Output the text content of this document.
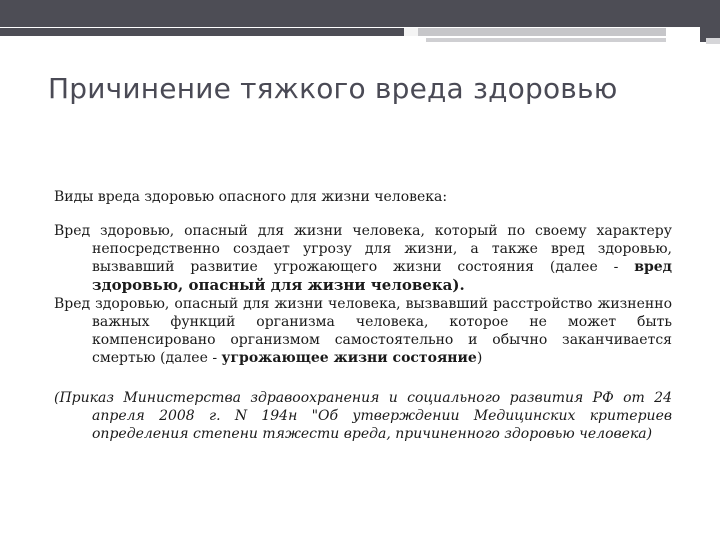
Причинение тяжкого вреда здоровью

Виды вреда здоровью опасного для жизни человека:

Вред здоровью, опасный для жизни человека, который по своему характеру непосредственно создает угрозу для жизни, а также вред здоровью, вызвавший развитие угрожающего жизни состояния (далее - вред здоровью, опасный для жизни человека).

Вред здоровью, опасный для жизни человека, вызвавший расстройство жизненно важных функций организма человека, которое не может быть компенсировано организмом самостоятельно и обычно заканчивается смертью (далее - угрожающее жизни состояние)

(Приказ Министерства здравоохранения и социального развития РФ от 24 апреля 2008 г. N 194н "Об утверждении Медицинских критериев определения степени тяжести вреда, причиненного здоровью человека)
